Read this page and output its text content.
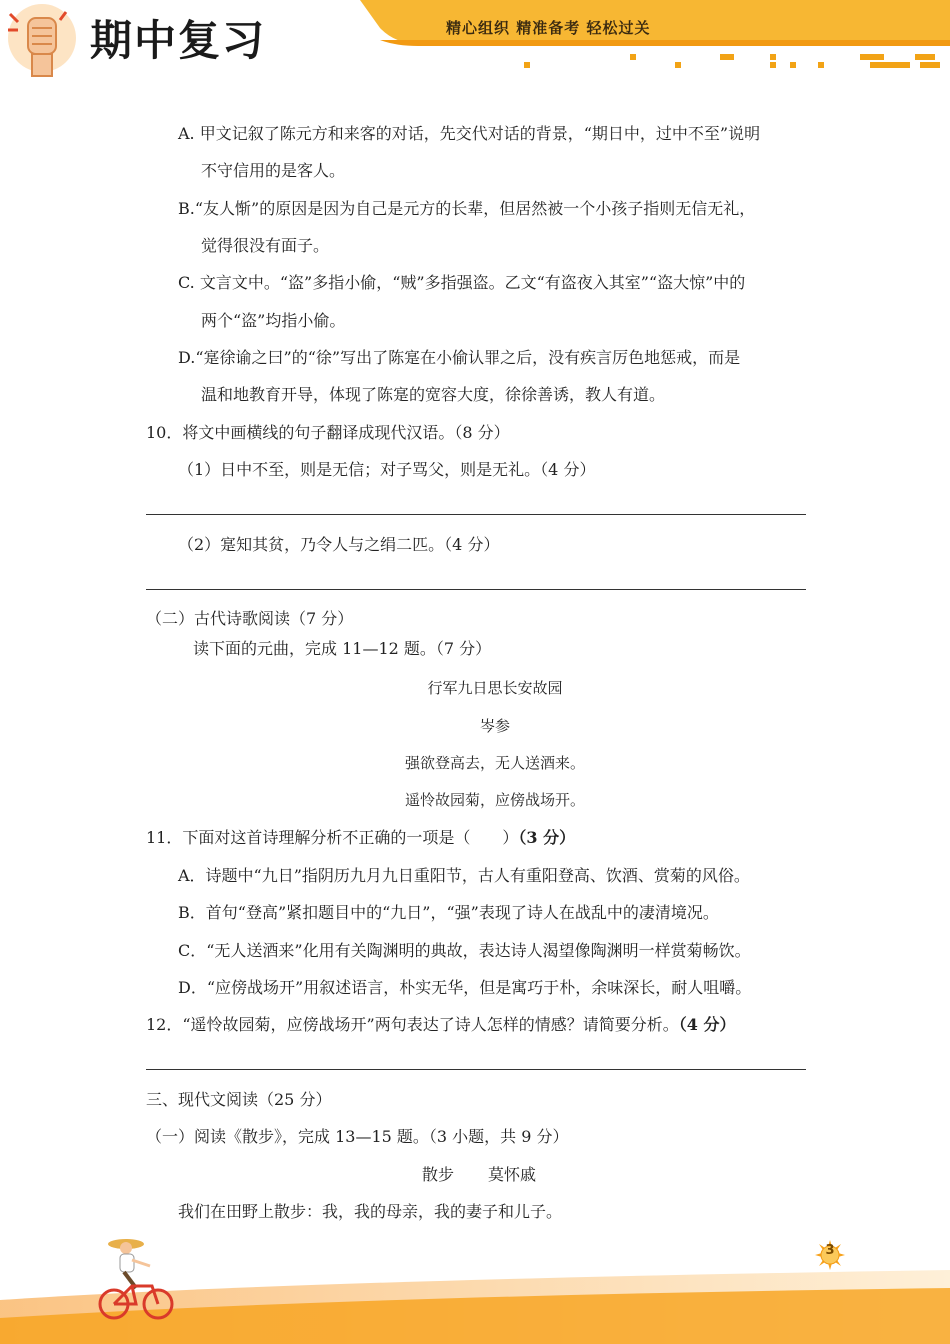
期中复习	精心组织 精准备考 轻松过关
A. 甲文记叙了陈元方和来客的对话，先交代对话的背景，“期日中，过中不至”说明
不守信用的是客人。
B.“友人惭”的原因是因为自己是元方的长辈，但居然被一个小孩子指则无信无礼，
觉得很没有面子。
C. 文言文中。“盗”多指小偷，“贼”多指强盗。乙文“有盗夜入其室”“盗大惊”中的
两个“盗”均指小偷。
D.“寔徐谕之曰”的“徐”写出了陈寔在小偷认罪之后，没有疾言厉色地惩戒，而是
温和地教育开导，体现了陈寔的宽容大度，徐徐善诱，教人有道。
10．将文中画横线的句子翻译成现代汉语。（8 分）
（1）日中不至，则是无信；对子骂父，则是无礼。（4 分）
（2）寔知其贫，乃令人与之绢二匹。（4 分）
（二）古代诗歌阅读（7 分）
读下面的元曲，完成 11—12 题。（7 分）
行军九日思长安故园
岑参
强欲登高去，无人送酒来。
遥怜故园菊，应傍战场开。
11．下面对这首诗理解分析不正确的一项是（　　）（3 分）
A．诗题中“九日”指阴历九月九日重阳节，古人有重阳登高、饮酒、赏菊的风俗。
B．首句“登高”紧扣题目中的“九日”，“强”表现了诗人在战乱中的凄清境况。
C．“无人送酒来”化用有关陶渊明的典故，表达诗人渴望像陶渊明一样赏菊畅饮。
D．“应傍战场开”用叙述语言，朴实无华，但是寓巧于朴，余味深长，耐人咀嚼。
12．“遥怜故园菊，应傍战场开”两句表达了诗人怎样的情感？请简要分析。（4 分）
三、现代文阅读（25 分）
（一）阅读《散步》，完成 13—15 题。（3 小题，共 9 分）
散步 莫怀戚
我们在田野上散步：我，我的母亲，我的妻子和儿子。
3
